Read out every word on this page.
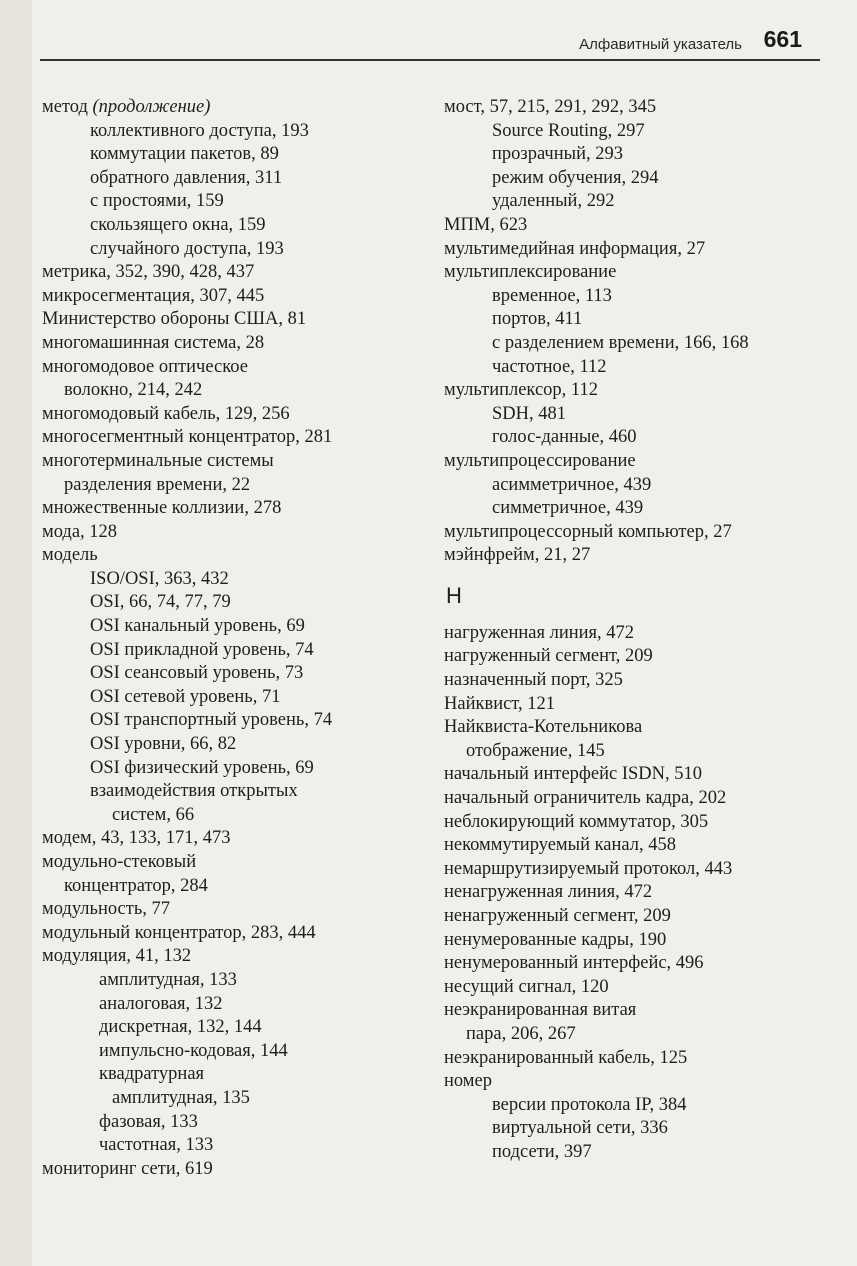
Алфавитный указатель 661
метод (продолжение)
коллективного доступа, 193
коммутации пакетов, 89
обратного давления, 311
с простоями, 159
скользящего окна, 159
случайного доступа, 193
метрика, 352, 390, 428, 437
микросегментация, 307, 445
Министерство обороны США, 81
многомашинная система, 28
многомодовое оптическое
волокно, 214, 242
многомодовый кабель, 129, 256
многосегментный концентратор, 281
многотерминальные системы
разделения времени, 22
множественные коллизии, 278
мода, 128
модель
ISO/OSI, 363, 432
OSI, 66, 74, 77, 79
OSI канальный уровень, 69
OSI прикладной уровень, 74
OSI сеансовый уровень, 73
OSI сетевой уровень, 71
OSI транспортный уровень, 74
OSI уровни, 66, 82
OSI физический уровень, 69
взаимодействия открытых
систем, 66
модем, 43, 133, 171, 473
модульно-стековый
концентратор, 284
модульность, 77
модульный концентратор, 283, 444
модуляция, 41, 132
амплитудная, 133
аналоговая, 132
дискретная, 132, 144
импульсно-кодовая, 144
квадратурная
амплитудная, 135
фазовая, 133
частотная, 133
мониторинг сети, 619
мост, 57, 215, 291, 292, 345
Source Routing, 297
прозрачный, 293
режим обучения, 294
удаленный, 292
МПМ, 623
мультимедийная информация, 27
мультиплексирование
временное, 113
портов, 411
с разделением времени, 166, 168
частотное, 112
мультиплексор, 112
SDH, 481
голос-данные, 460
мультипроцессирование
асимметричное, 439
симметричное, 439
мультипроцессорный компьютер, 27
мэйнфрейм, 21, 27
Н
нагруженная линия, 472
нагруженный сегмент, 209
назначенный порт, 325
Найквист, 121
Найквиста-Котельникова
отображение, 145
начальный интерфейс ISDN, 510
начальный ограничитель кадра, 202
неблокирующий коммутатор, 305
некоммутируемый канал, 458
немаршрутизируемый протокол, 443
ненагруженная линия, 472
ненагруженный сегмент, 209
ненумерованные кадры, 190
ненумерованный интерфейс, 496
несущий сигнал, 120
неэкранированная витая
пара, 206, 267
неэкранированный кабель, 125
номер
версии протокола IP, 384
виртуальной сети, 336
подсети, 397
